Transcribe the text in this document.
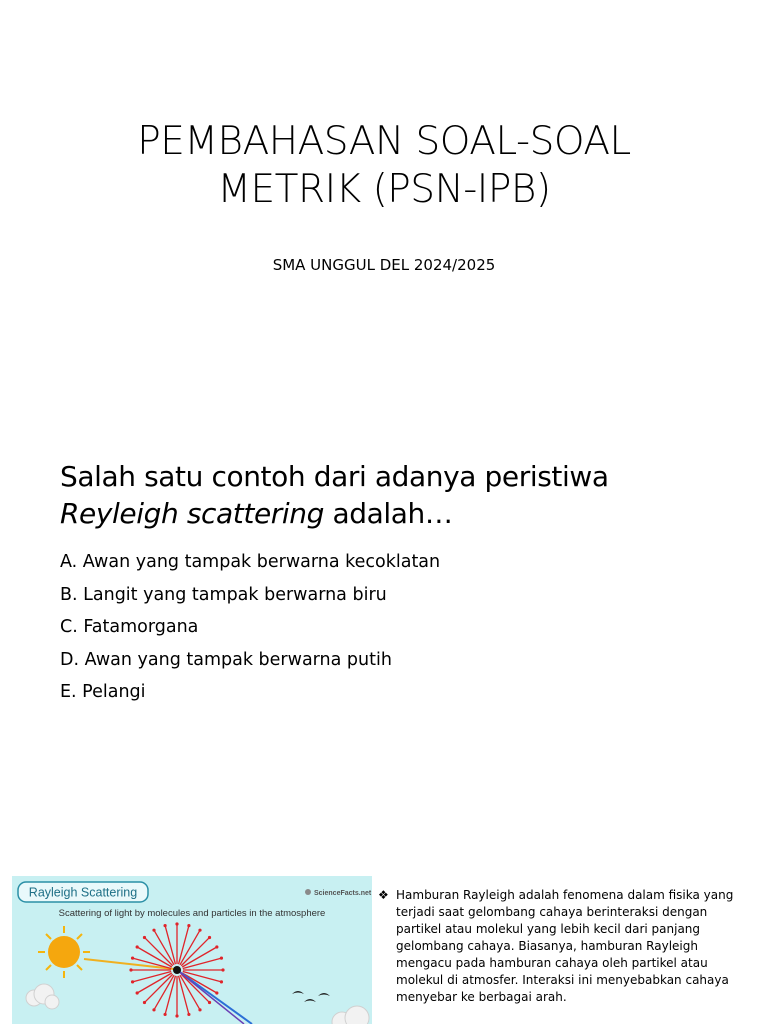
PEMBAHASAN SOAL-SOAL
METRIK (PSN-IPB)
SMA UNGGUL DEL 2024/2025
Salah satu contoh dari adanya peristiwa
Reyleigh scattering adalah…
A. Awan yang tampak berwarna kecoklatan
B. Langit yang tampak berwarna biru
C. Fatamorgana
D. Awan yang tampak berwarna putih
E. Pelangi
Rayleigh Scattering	ScienceFacts.net
Scattering of light by molecules and particles in the atmosphere
❖ Hamburan Rayleigh adalah fenomena dalam fisika yang terjadi saat gelombang cahaya berinteraksi dengan partikel atau molekul yang lebih kecil dari panjang gelombang cahaya. Biasanya, hamburan Rayleigh mengacu pada hamburan cahaya oleh partikel atau molekul di atmosfer. Interaksi ini menyebabkan cahaya menyebar ke berbagai arah.
